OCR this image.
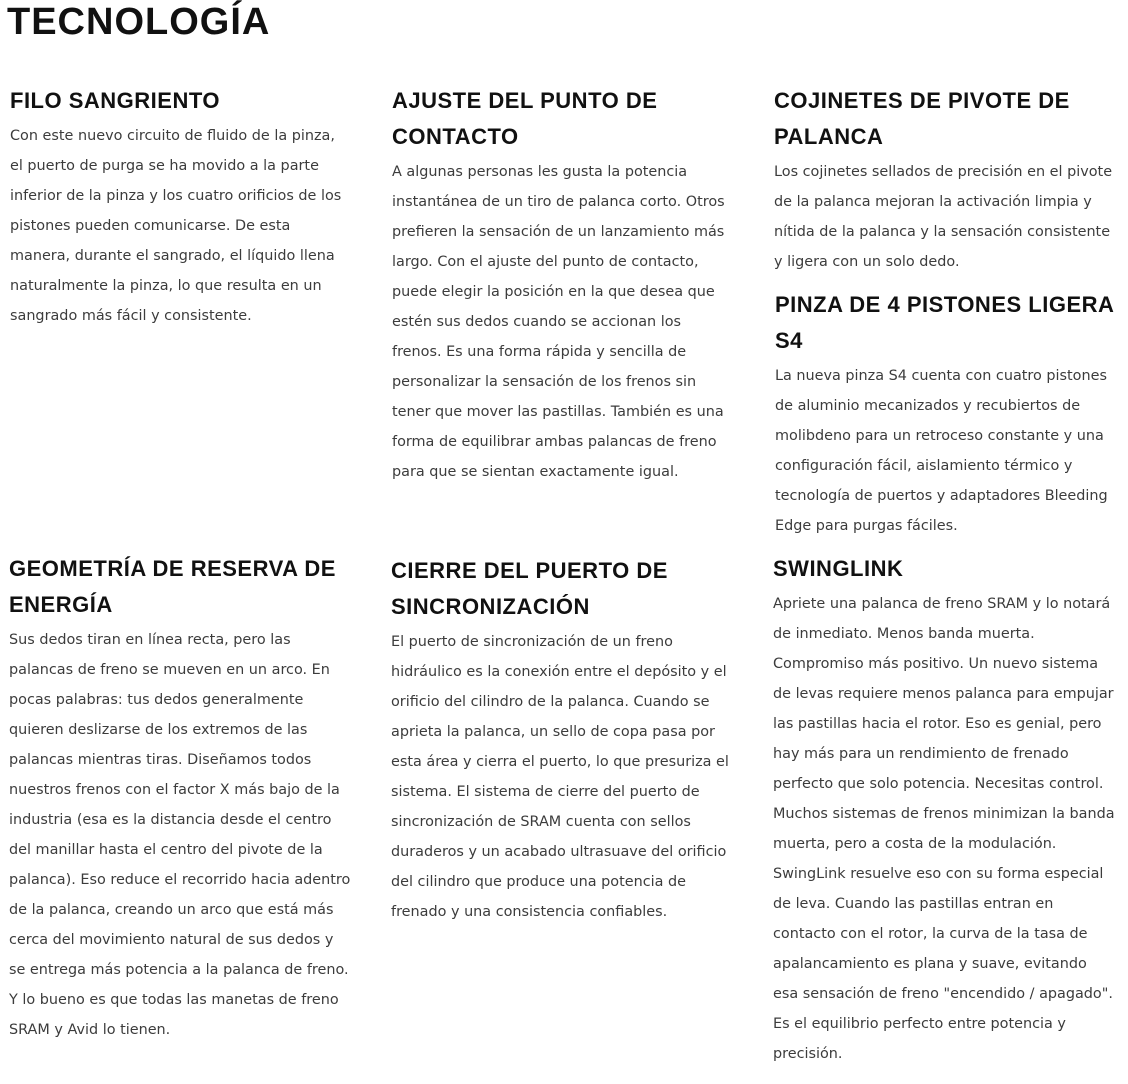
TECNOLOGÍA
FILO SANGRIENTO

Con este nuevo circuito de fluido de la pinza, el puerto de purga se ha movido a la parte inferior de la pinza y los cuatro orificios de los pistones pueden comunicarse. De esta manera, durante el sangrado, el líquido llena naturalmente la pinza, lo que resulta en un sangrado más fácil y consistente.

AJUSTE DEL PUNTO DE CONTACTO

A algunas personas les gusta la potencia instantánea de un tiro de palanca corto. Otros prefieren la sensación de un lanzamiento más largo. Con el ajuste del punto de contacto, puede elegir la posición en la que desea que estén sus dedos cuando se accionan los frenos. Es una forma rápida y sencilla de personalizar la sensación de los frenos sin tener que mover las pastillas. También es una forma de equilibrar ambas palancas de freno para que se sientan exactamente igual.

COJINETES DE PIVOTE DE PALANCA

Los cojinetes sellados de precisión en el pivote de la palanca mejoran la activación limpia y nítida de la palanca y la sensación consistente y ligera con un solo dedo.

PINZA DE 4 PISTONES LIGERA S4

La nueva pinza S4 cuenta con cuatro pistones de aluminio mecanizados y recubiertos de molibdeno para un retroceso constante y una configuración fácil, aislamiento térmico y tecnología de puertos y adaptadores Bleeding Edge para purgas fáciles.

GEOMETRÍA DE RESERVA DE ENERGÍA

Sus dedos tiran en línea recta, pero las palancas de freno se mueven en un arco. En pocas palabras: tus dedos generalmente quieren deslizarse de los extremos de las palancas mientras tiras. Diseñamos todos nuestros frenos con el factor X más bajo de la industria (esa es la distancia desde el centro del manillar hasta el centro del pivote de la palanca). Eso reduce el recorrido hacia adentro de la palanca, creando un arco que está más cerca del movimiento natural de sus dedos y se entrega más potencia a la palanca de freno. Y lo bueno es que todas las manetas de freno SRAM y Avid lo tienen.

CIERRE DEL PUERTO DE SINCRONIZACIÓN

El puerto de sincronización de un freno hidráulico es la conexión entre el depósito y el orificio del cilindro de la palanca. Cuando se aprieta la palanca, un sello de copa pasa por esta área y cierra el puerto, lo que presuriza el sistema. El sistema de cierre del puerto de sincronización de SRAM cuenta con sellos duraderos y un acabado ultrasuave del orificio del cilindro que produce una potencia de frenado y una consistencia confiables.

SWINGLINK

Apriete una palanca de freno SRAM y lo notará de inmediato. Menos banda muerta. Compromiso más positivo. Un nuevo sistema de levas requiere menos palanca para empujar las pastillas hacia el rotor. Eso es genial, pero hay más para un rendimiento de frenado perfecto que solo potencia. Necesitas control. Muchos sistemas de frenos minimizan la banda muerta, pero a costa de la modulación. SwingLink resuelve eso con su forma especial de leva. Cuando las pastillas entran en contacto con el rotor, la curva de la tasa de apalancamiento es plana y suave, evitando esa sensación de freno "encendido / apagado". Es el equilibrio perfecto entre potencia y precisión.
